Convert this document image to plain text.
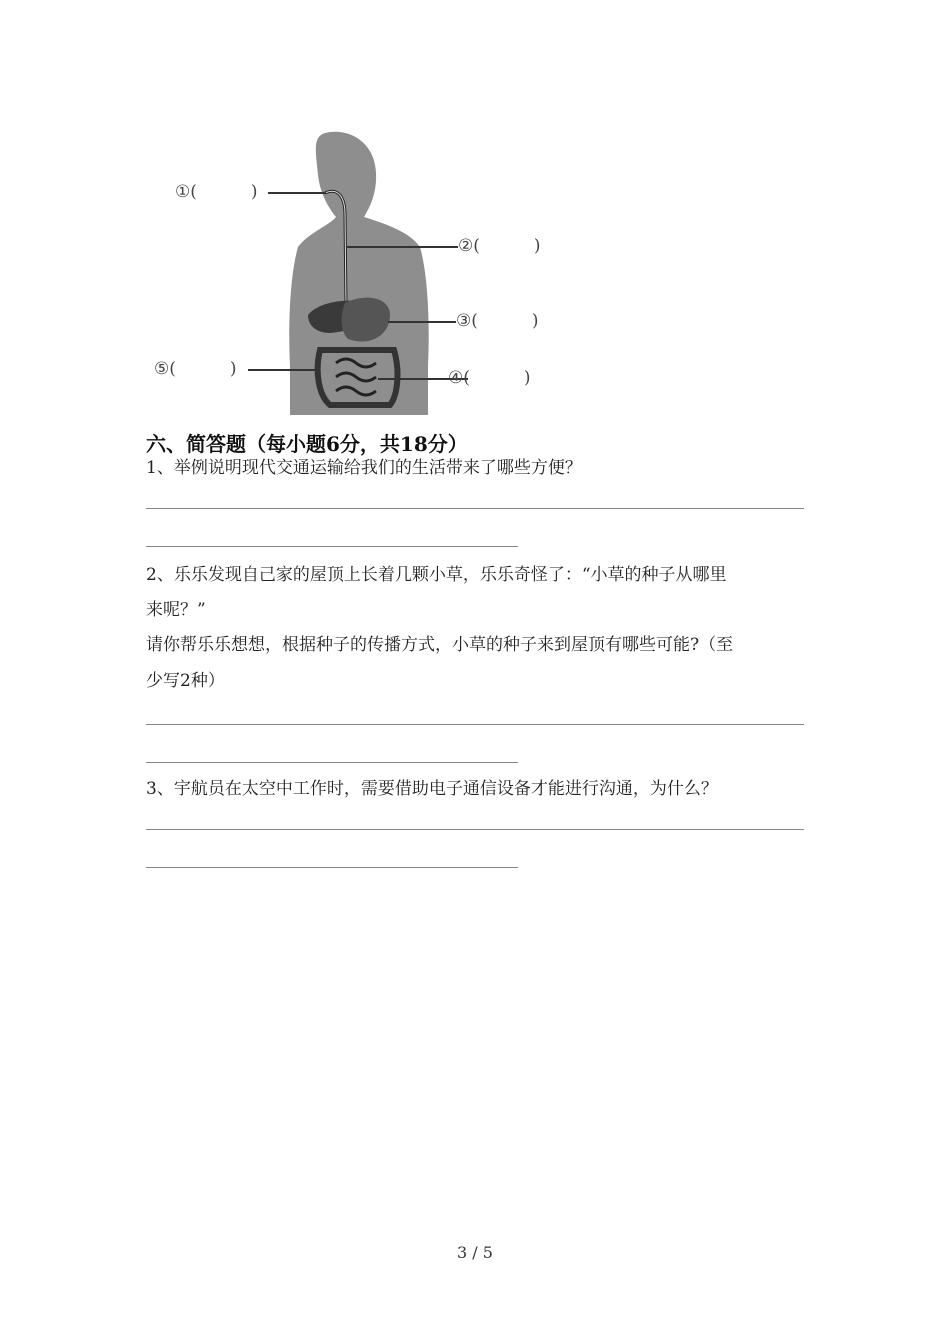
①(          )
②(          )
③(          )
④(          )
⑤(          )
六、简答题（每小题6分，共18分）
1、举例说明现代交通运输给我们的生活带来了哪些方便？
2、乐乐发现自己家的屋顶上长着几颗小草，乐乐奇怪了：“小草的种子从哪里
来呢？”
请你帮乐乐想想，根据种子的传播方式，小草的种子来到屋顶有哪些可能?（至
少写2种）
3、宇航员在太空中工作时，需要借助电子通信设备才能进行沟通，为什么？
3 / 5
